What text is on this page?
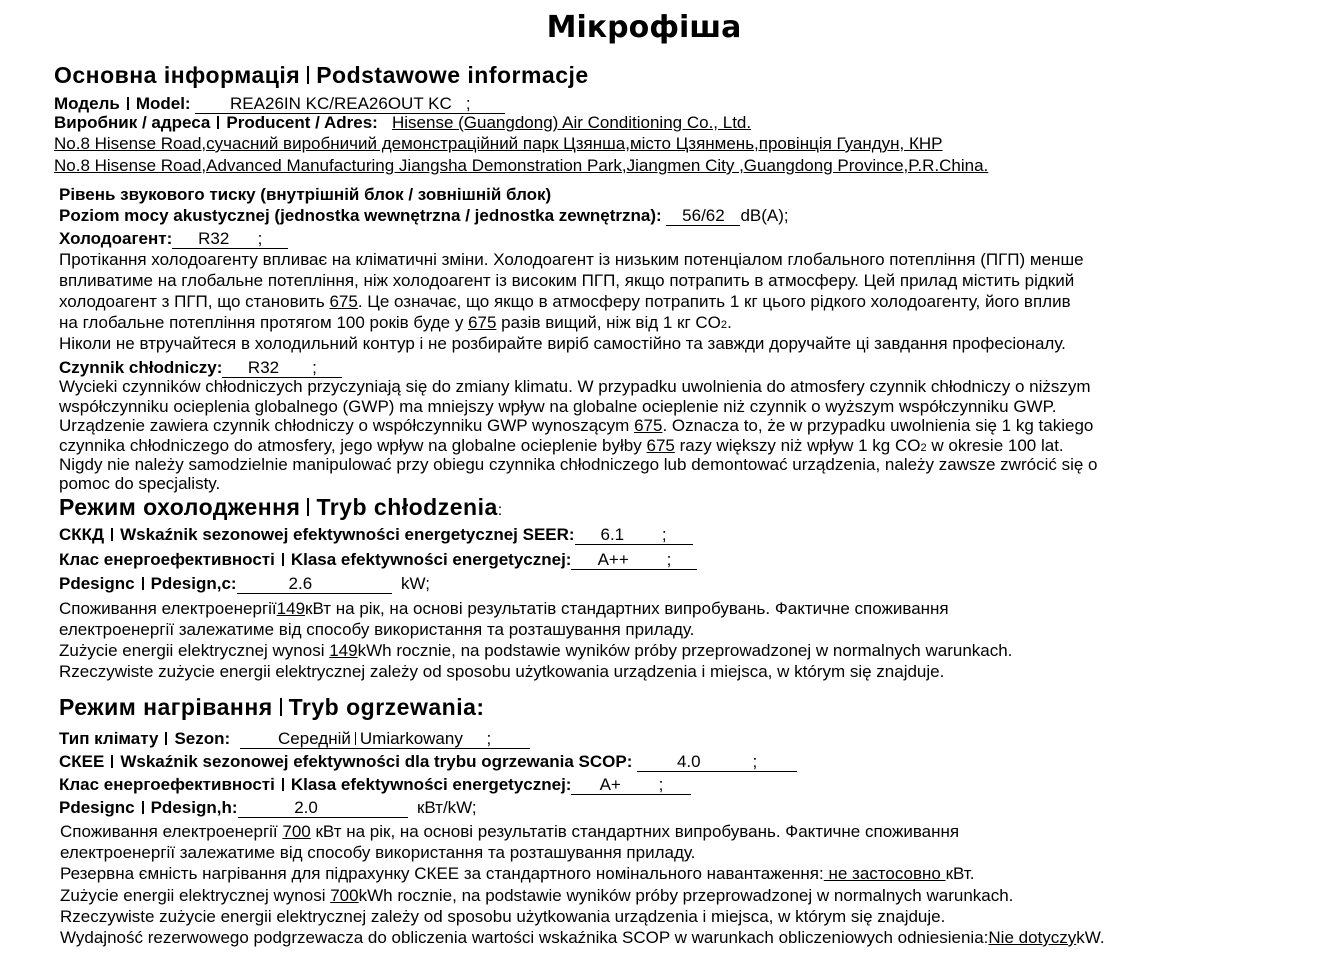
Мікрофіша
Основна інформація Podstawowe informacje
Модель Model: REA26IN KC/REA26OUT KC ;
Виробник / адреса Producent / Adres: Hisense (Guangdong) Air Conditioning Co., Ltd.
No.8 Hisense Road,сучасний виробничий демонстраційний парк Цзянша,місто Цзянмень,провінція Гуандун, КНР
No.8 Hisense Road,Advanced Manufacturing Jiangsha Demonstration Park,Jiangmen City ,Guangdong Province,P.R.China.
Рівень звукового тиску (внутрішній блок / зовнішній блок)
Poziom mocy akustycznej (jednostka wewnętrzna / jednostka zewnętrzna): 56/62 dB(A);
Холодоагент: R32 ;
Протікання холодоагенту впливає на кліматичні зміни. Холодоагент із низьким потенціалом глобального потепління (ПГП) менше
впливатиме на глобальне потепління, ніж холодоагент із високим ПГП, якщо потрапить в атмосферу. Цей прилад містить рідкий
холодоагент з ПГП, що становить 675. Це означає, що якщо в атмосферу потрапить 1 кг цього рідкого холодоагенту, його вплив
на глобальне потепління протягом 100 років буде у 675 разів вищий, ніж від 1 кг CO2.
Ніколи не втручайтеся в холодильний контур і не розбирайте виріб самостійно та завжди доручайте ці завдання професіоналу.
Czynnik chłodniczy: R32 ;
Wycieki czynników chłodniczych przyczyniają się do zmiany klimatu. W przypadku uwolnienia do atmosfery czynnik chłodniczy o niższym
współczynniku ocieplenia globalnego (GWP) ma mniejszy wpływ na globalne ocieplenie niż czynnik o wyższym współczynniku GWP.
Urządzenie zawiera czynnik chłodniczy o współczynniku GWP wynoszącym 675. Oznacza to, że w przypadku uwolnienia się 1 kg takiego
czynnika chłodniczego do atmosfery, jego wpływ na globalne ocieplenie byłby 675 razy większy niż wpływ 1 kg CO2 w okresie 100 lat.
Nigdy nie należy samodzielnie manipulować przy obiegu czynnika chłodniczego lub demontować urządzenia, należy zawsze zwrócić się o
pomoc do specjalisty.
Режим охолодження Tryb chłodzenia:
СККД Wskaźnik sezonowej efektywności energetycznej SEER: 6.1 ;
Клас енергоефективності Klasa efektywności energetycznej: A++ ;
Pdesignc Pdesign,c:	2.6	kW;
Споживання електроенергії149кВт на рік, на основі результатів стандартних випробувань. Фактичне споживання
електроенергії залежатиме від способу використання та розташування приладу.
Zużycie energii elektrycznej wynosi 149kWh rocznie, na podstawie wyników próby przeprowadzonej w normalnych warunkach.
Rzeczywiste zużycie energii elektrycznej zależy od sposobu użytkowania urządzenia i miejsca, w którym się znajduje.
Режим нагрівання Tryb ogrzewania:
Тип клімату Sezon:	Середній Umiarkowany ;
СКЕЕ Wskaźnik sezonowej efektywności dla trybu ogrzewania SCOP:	4.0	;
Клас енергоефективності Klasa efektywności energetycznej: A+ ;
Pdesignc Pdesign,h:	2.0	кВт/kW;
Споживання електроенергії 700 кВт на рік, на основі результатів стандартних випробувань. Фактичне споживання
електроенергії залежатиме від способу використання та розташування приладу.
Резервна ємність нагрівання для підрахунку СКЕЕ за стандартного номінального навантаження: не застосовно кВт.
Zużycie energii elektrycznej wynosi 700kWh rocznie, na podstawie wyników próby przeprowadzonej w normalnych warunkach.
Rzeczywiste zużycie energii elektrycznej zależy od sposobu użytkowania urządzenia i miejsca, w którym się znajduje.
Wydajność rezerwowego podgrzewacza do obliczenia wartości wskaźnika SCOP w warunkach obliczeniowych odniesienia:Nie dotyczykW.
